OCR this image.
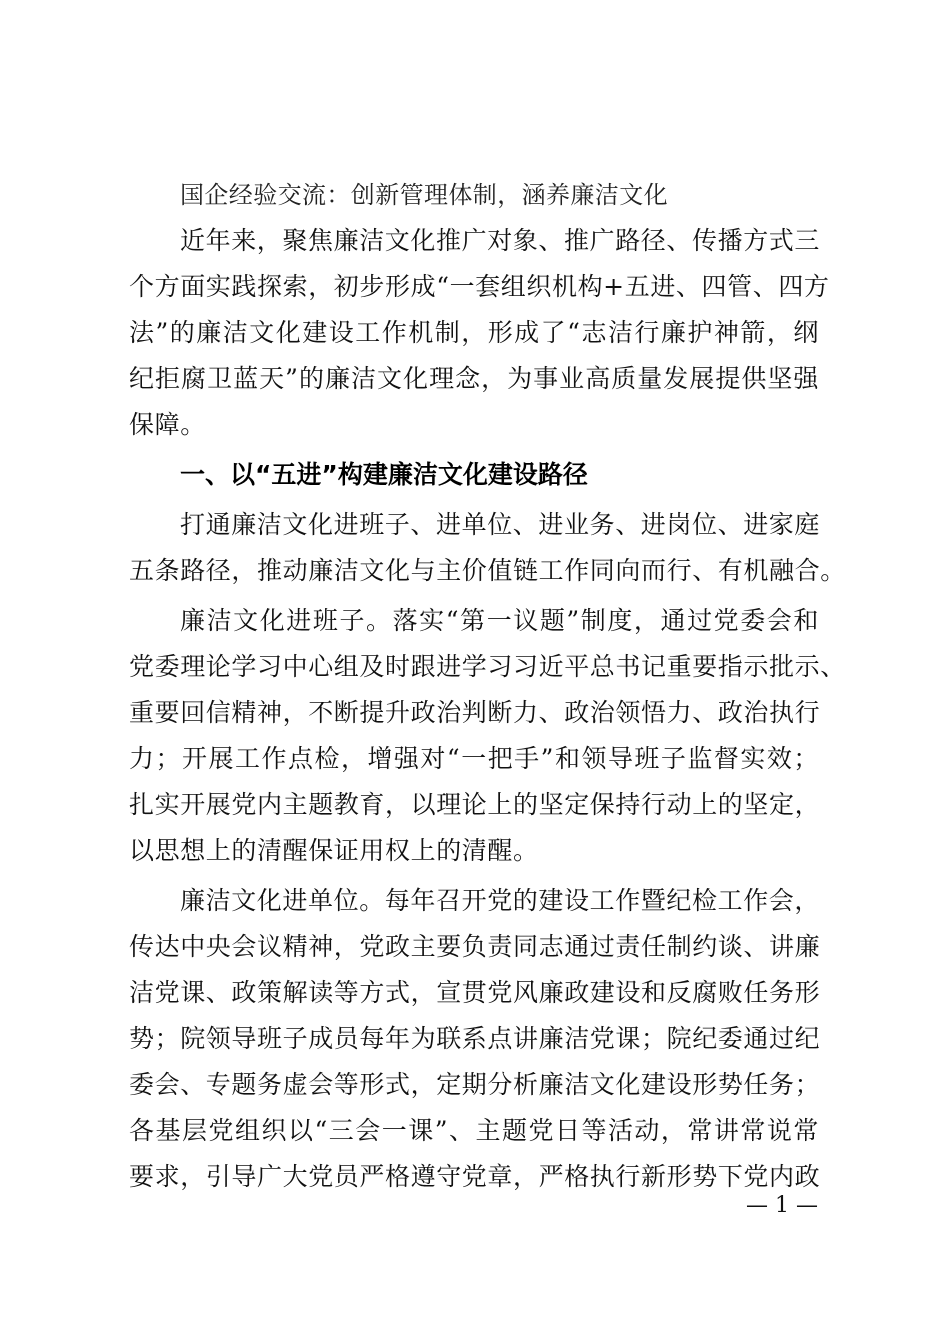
国企经验交流：创新管理体制，涵养廉洁文化
近年来，聚焦廉洁文化推广对象、推广路径、传播方式三
个方面实践探索，初步形成“一套组织机构+五进、四管、四方
法”的廉洁文化建设工作机制，形成了“志洁行廉护神箭，纲
纪拒腐卫蓝天”的廉洁文化理念，为事业高质量发展提供坚强
保障。
一、以“五进”构建廉洁文化建设路径
打通廉洁文化进班子、进单位、进业务、进岗位、进家庭
五条路径，推动廉洁文化与主价值链工作同向而行、有机融合。
廉洁文化进班子。落实“第一议题”制度，通过党委会和
党委理论学习中心组及时跟进学习习近平总书记重要指示批示、
重要回信精神，不断提升政治判断力、政治领悟力、政治执行
力；开展工作点检，增强对“一把手”和领导班子监督实效；
扎实开展党内主题教育，以理论上的坚定保持行动上的坚定，
以思想上的清醒保证用权上的清醒。
廉洁文化进单位。每年召开党的建设工作暨纪检工作会，
传达中央会议精神，党政主要负责同志通过责任制约谈、讲廉
洁党课、政策解读等方式，宣贯党风廉政建设和反腐败任务形
势；院领导班子成员每年为联系点讲廉洁党课；院纪委通过纪
委会、专题务虚会等形式，定期分析廉洁文化建设形势任务；
各基层党组织以“三会一课”、主题党日等活动，常讲常说常
要求，引导广大党员严格遵守党章，严格执行新形势下党内政
— 1 —
